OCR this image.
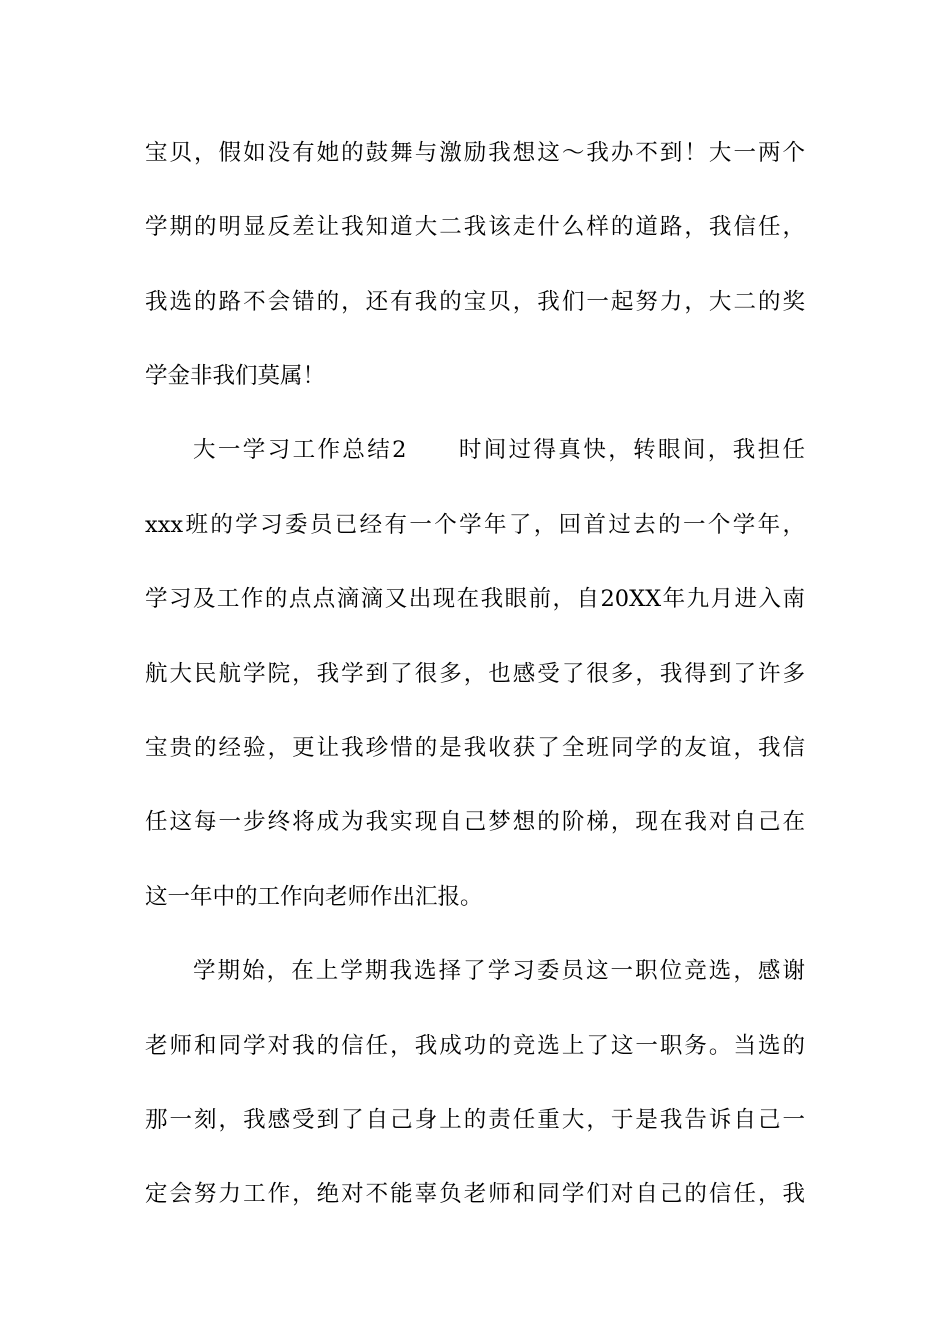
宝贝，假如没有她的鼓舞与激励我想这～我办不到！大一两个
学期的明显反差让我知道大二我该走什么样的道路，我信任，
我选的路不会错的，还有我的宝贝，我们一起努力，大二的奖
学金非我们莫属！
大一学习工作总结2 时间过得真快，转眼间，我担任
xxx班的学习委员已经有一个学年了，回首过去的一个学年，
学习及工作的点点滴滴又出现在我眼前，自20XX年九月进入南
航大民航学院，我学到了很多，也感受了很多，我得到了许多
宝贵的经验，更让我珍惜的是我收获了全班同学的友谊，我信
任这每一步终将成为我实现自己梦想的阶梯，现在我对自己在
这一年中的工作向老师作出汇报。
学期始，在上学期我选择了学习委员这一职位竞选，感谢
老师和同学对我的信任，我成功的竞选上了这一职务。当选的
那一刻，我感受到了自己身上的责任重大，于是我告诉自己一
定会努力工作，绝对不能辜负老师和同学们对自己的信任，我
